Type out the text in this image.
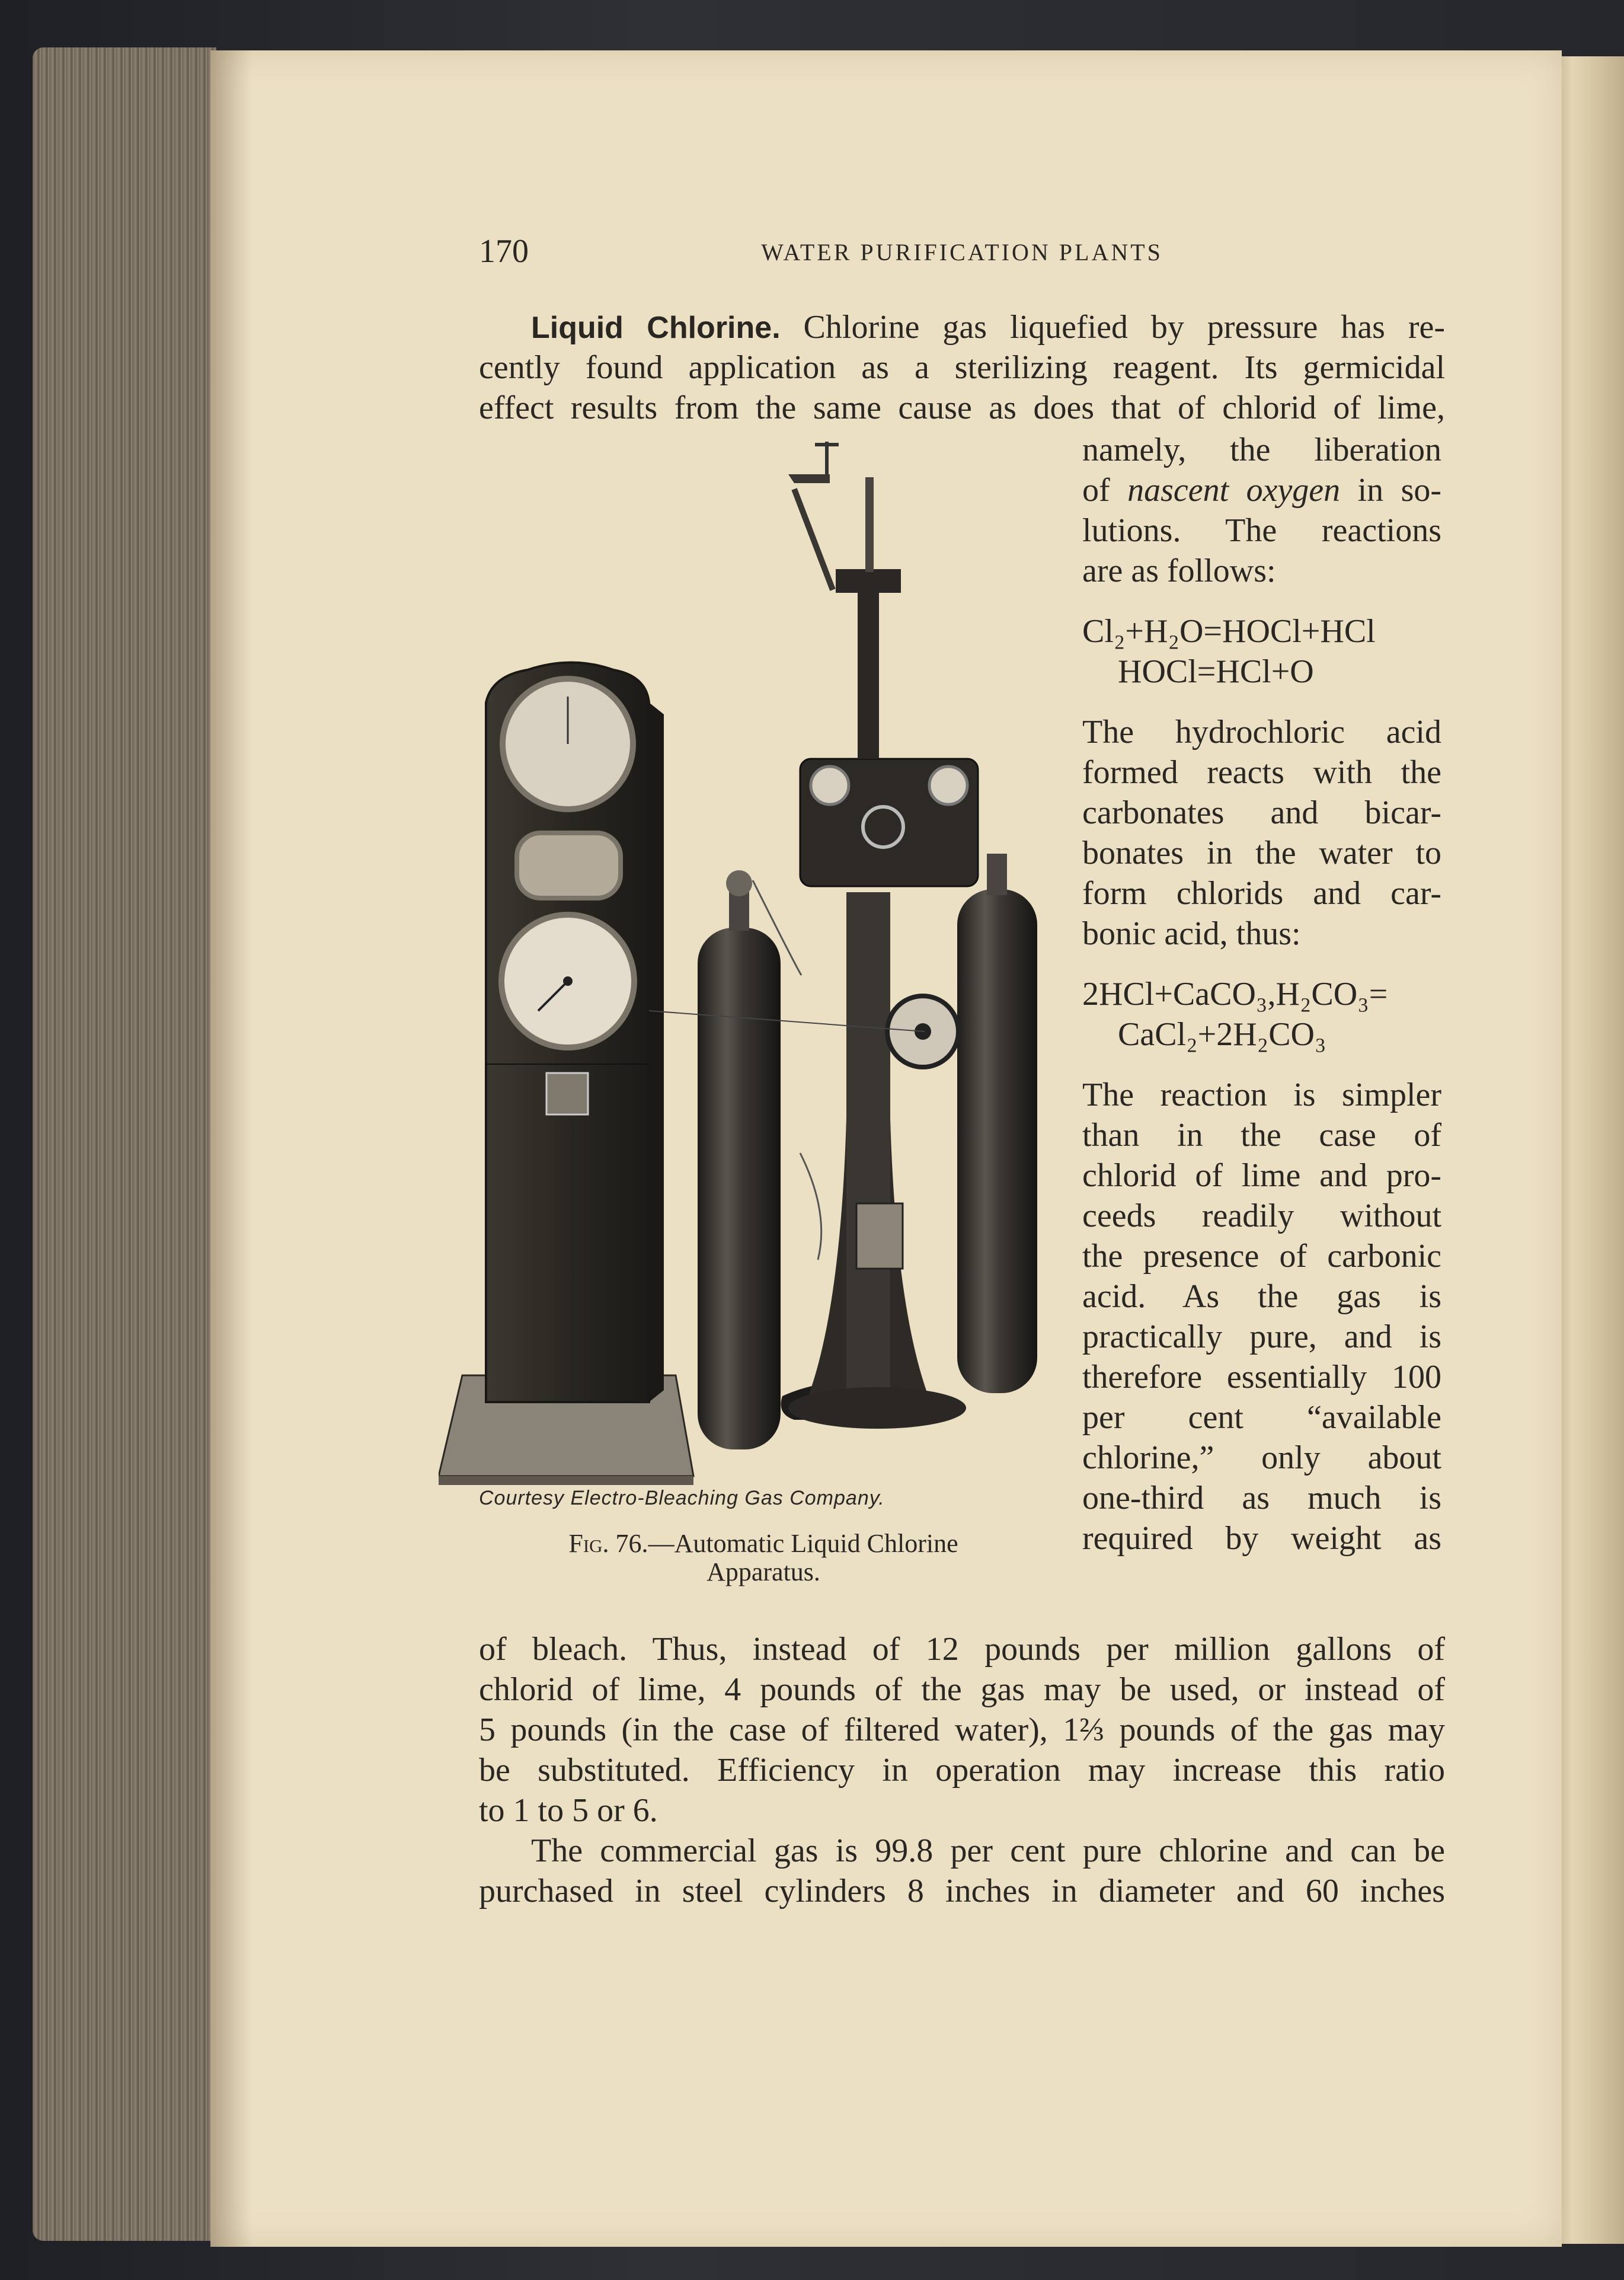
170	WATER PURIFICATION PLANTS
Liquid Chlorine. Chlorine gas liquefied by pressure has re-
cently found application as a sterilizing reagent. Its germicidal
effect results from the same cause as does that of chlorid of lime,
Courtesy Electro-Bleaching Gas Company.
Fig. 76.—Automatic Liquid Chlorine
Apparatus.
namely, the liberation
of nascent oxygen in so-
lutions. The reactions
are as follows:
Cl₂+H₂O=HOCl+HCl
HOCl=HCl+O
The hydrochloric acid
formed reacts with the
carbonates and bicar-
bonates in the water to
form chlorids and car-
bonic acid, thus:
2HCl+CaCO₃,H₂CO₃=
CaCl₂+2H₂CO₃
The reaction is simpler
than in the case of
chlorid of lime and pro-
ceeds readily without
the presence of carbonic
acid. As the gas is
practically pure, and is
therefore essentially 100
per cent “available
chlorine,” only about
one-third as much is
required by weight as
of bleach. Thus, instead of 12 pounds per million gallons of
chlorid of lime, 4 pounds of the gas may be used, or instead of
5 pounds (in the case of filtered water), 1⅔ pounds of the gas may
be substituted. Efficiency in operation may increase this ratio
to 1 to 5 or 6.
The commercial gas is 99.8 per cent pure chlorine and can be
purchased in steel cylinders 8 inches in diameter and 60 inches
